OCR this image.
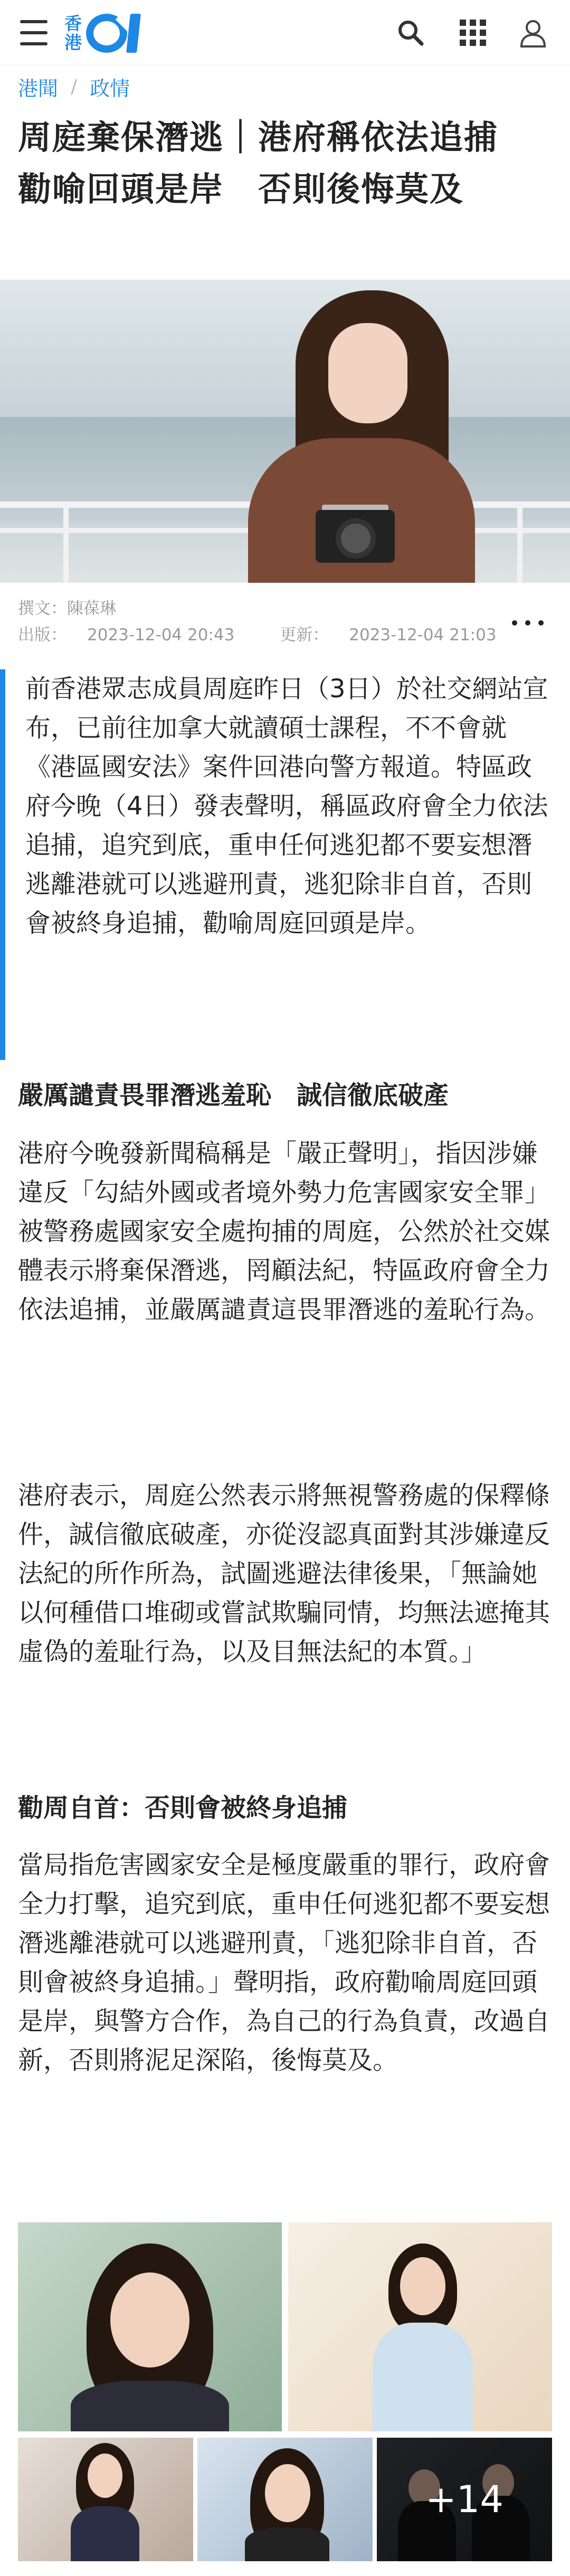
香
港
港聞 / 政情
周庭棄保潛逃｜港府稱依法追捕　勸喻回頭是岸　否則後悔莫及
撰文：陳葆琳
出版： 2023-12-04 20:43	更新： 2023-12-04 21:03

前香港眾志成員周庭昨日（3日）於社交網站宣布，已前往加拿大就讀碩士課程，不不會就《港區國安法》案件回港向警方報道。特區政府今晚（4日）發表聲明，稱區政府會全力依法追捕，追究到底，重申任何逃犯都不要妄想潛逃離港就可以逃避刑責，逃犯除非自首，否則會被終身追捕，勸喻周庭回頭是岸。

嚴厲譴責畏罪潛逃羞恥　誠信徹底破產

港府今晚發新聞稿稱是「嚴正聲明」，指因涉嫌違反「勾結外國或者境外勢力危害國家安全罪」被警務處國家安全處拘捕的周庭，公然於社交媒體表示將棄保潛逃，罔顧法紀，特區政府會全力依法追捕，並嚴厲譴責這畏罪潛逃的羞恥行為。

港府表示，周庭公然表示將無視警務處的保釋條件，誠信徹底破產，亦從沒認真面對其涉嫌違反法紀的所作所為，試圖逃避法律後果，「無論她以何種借口堆砌或嘗試欺騙同情，均無法遮掩其虛偽的羞耻行為，以及目無法紀的本質。」

勸周自首：否則會被終身追捕

當局指危害國家安全是極度嚴重的罪行，政府會全力打擊，追究到底，重申任何逃犯都不要妄想潛逃離港就可以逃避刑責，「逃犯除非自首，否則會被終身追捕。」聲明指，政府勸喻周庭回頭是岸，與警方合作，為自己的行為負責，改過自新，否則將泥足深陷，後悔莫及。

+14
